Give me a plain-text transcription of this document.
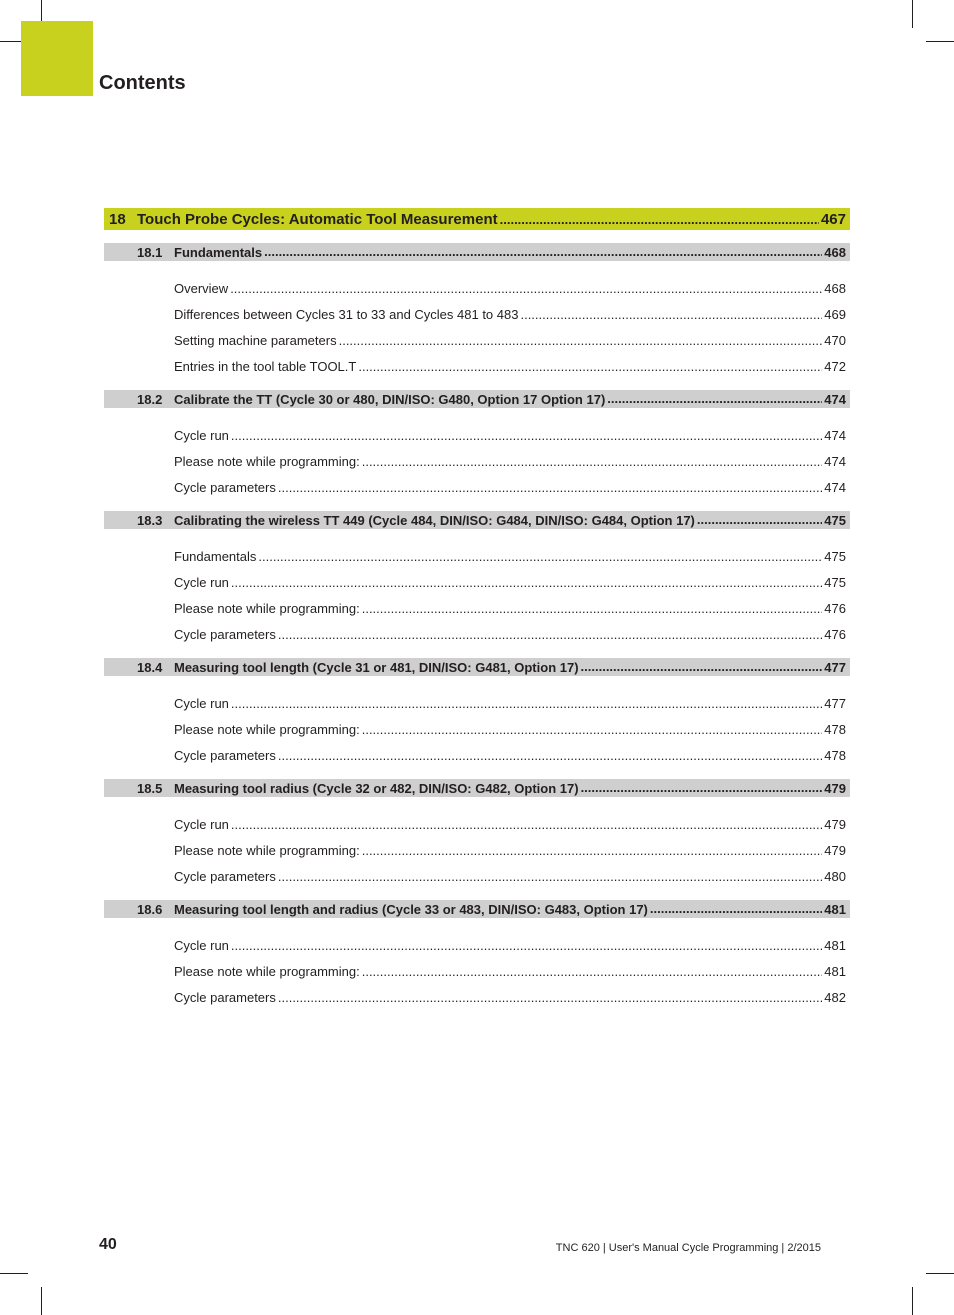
Contents
18 Touch Probe Cycles: Automatic Tool Measurement .....	467
18.1 Fundamentals .....	468
Overview .....	468
Differences between Cycles 31 to 33 and Cycles 481 to 483 .....	469
Setting machine parameters .....	470
Entries in the tool table TOOL.T .....	472
18.2 Calibrate the TT (Cycle 30 or 480, DIN/ISO: G480, Option 17 Option 17) .....	474
Cycle run .....	474
Please note while programming: .....	474
Cycle parameters .....	474
18.3 Calibrating the wireless TT 449 (Cycle 484, DIN/ISO: G484, DIN/ISO: G484, Option 17) .....	475
Fundamentals .....	475
Cycle run .....	475
Please note while programming: .....	476
Cycle parameters .....	476
18.4 Measuring tool length (Cycle 31 or 481, DIN/ISO: G481, Option 17) .....	477
Cycle run .....	477
Please note while programming: .....	478
Cycle parameters .....	478
18.5 Measuring tool radius (Cycle 32 or 482, DIN/ISO: G482, Option 17) .....	479
Cycle run .....	479
Please note while programming: .....	479
Cycle parameters .....	480
18.6 Measuring tool length and radius (Cycle 33 or 483, DIN/ISO: G483, Option 17) .....	481
Cycle run .....	481
Please note while programming: .....	481
Cycle parameters .....	482
40	TNC 620 | User's Manual Cycle Programming | 2/2015
